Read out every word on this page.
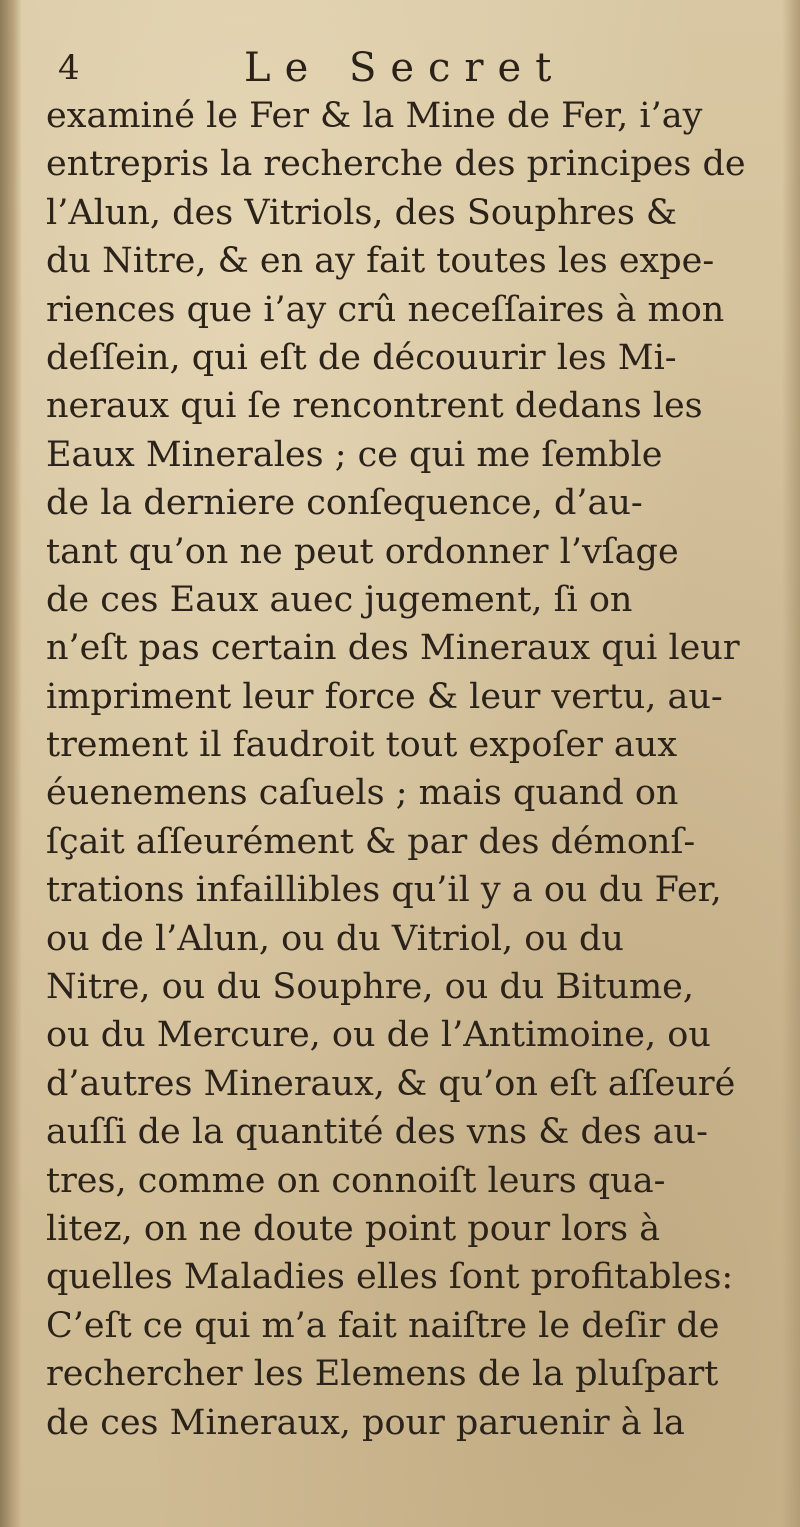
4	Le Secret
examiné le Fer & la Mine de Fer, i’ay
entrepris la recherche des principes de
l’Alun, des Vitriols, des Souphres &
du Nitre, & en ay fait toutes les expe-
riences que i’ay crû neceſſaires à mon
deſſein, qui eſt de découurir les Mi-
neraux qui ſe rencontrent dedans les
Eaux Minerales ; ce qui me ſemble
de la derniere conſequence, d’au-
tant qu’on ne peut ordonner l’vſage
de ces Eaux auec jugement, ſi on
n’eſt pas certain des Mineraux qui leur
impriment leur force & leur vertu, au-
trement il faudroit tout expoſer aux
éuenemens caſuels ; mais quand on
ſçait aſſeurément & par des démonſ-
trations infaillibles qu’il y a ou du Fer,
ou de l’Alun, ou du Vitriol, ou du
Nitre, ou du Souphre, ou du Bitume,
ou du Mercure, ou de l’Antimoine, ou
d’autres Mineraux, & qu’on eſt aſſeuré
auſſi de la quantité des vns & des au-
tres, comme on connoiſt leurs qua-
litez, on ne doute point pour lors à
quelles Maladies elles ſont profitables:
C’eſt ce qui m’a fait naiſtre le deſir de
rechercher les Elemens de la pluſpart
de ces Mineraux, pour paruenir à la
